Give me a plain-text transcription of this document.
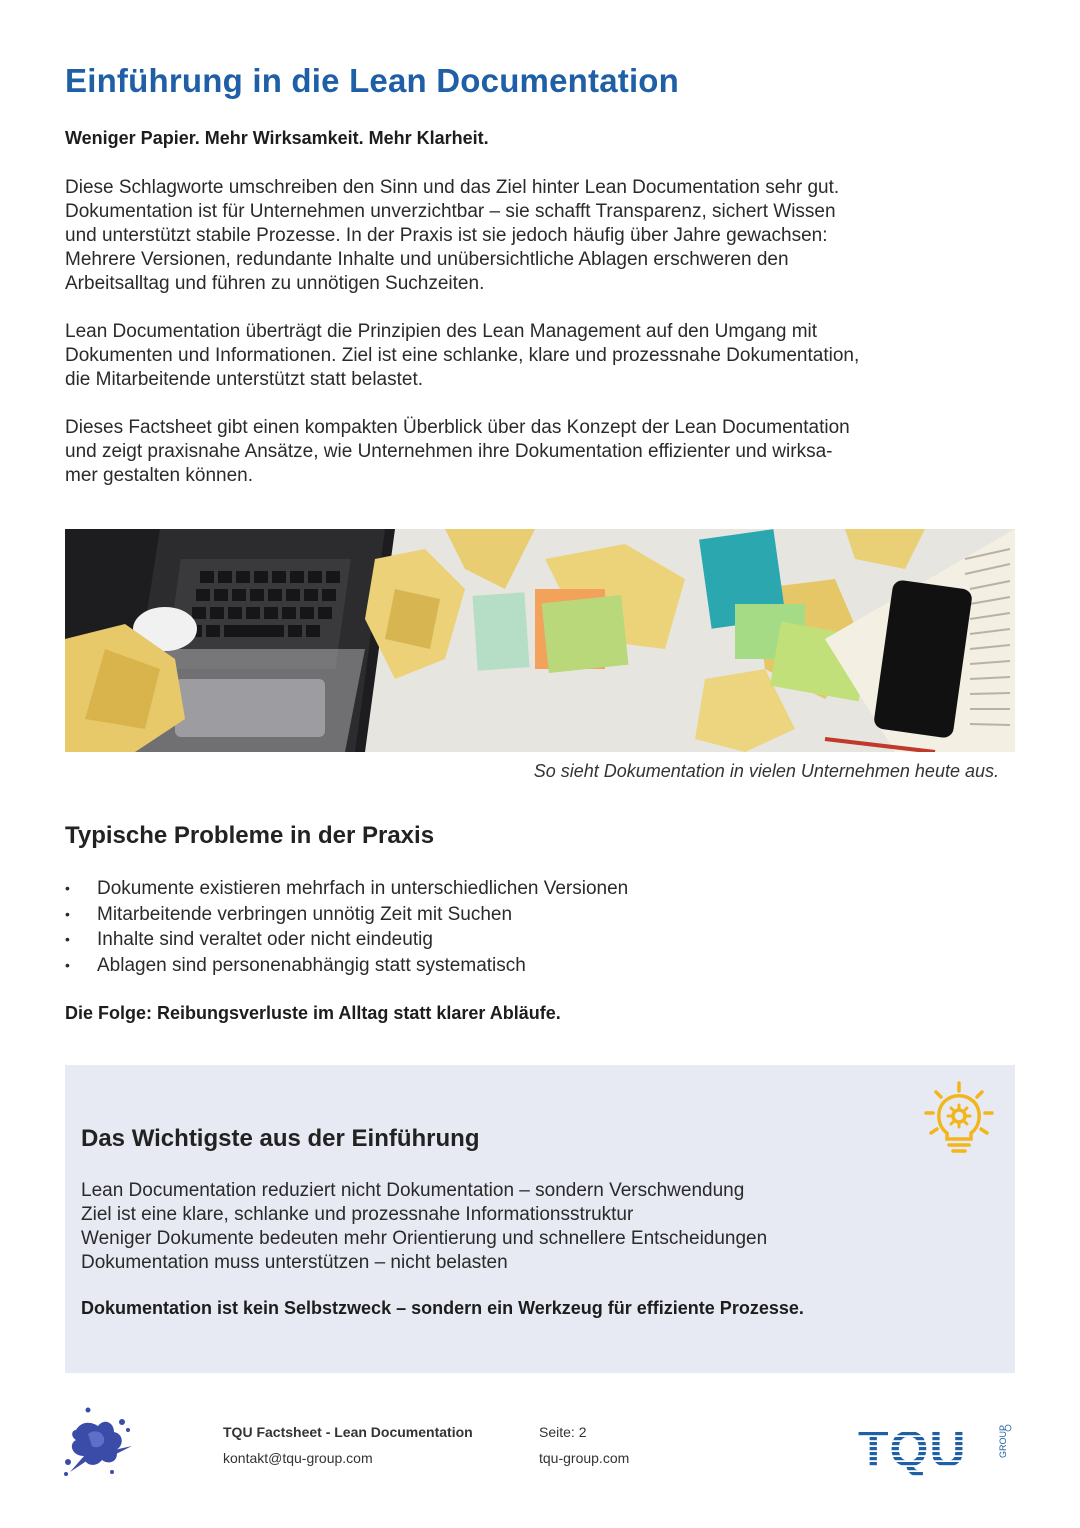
Einführung in die Lean Documentation

Weniger Papier. Mehr Wirksamkeit. Mehr Klarheit.

Diese Schlagworte umschreiben den Sinn und das Ziel hinter Lean Documentation sehr gut.
Dokumentation ist für Unternehmen unverzichtbar – sie schafft Transparenz, sichert Wissen
und unterstützt stabile Prozesse. In der Praxis ist sie jedoch häufig über Jahre gewachsen:
Mehrere Versionen, redundante Inhalte und unübersichtliche Ablagen erschweren den
Arbeitsalltag und führen zu unnötigen Suchzeiten.

Lean Documentation überträgt die Prinzipien des Lean Management auf den Umgang mit
Dokumenten und Informationen. Ziel ist eine schlanke, klare und prozessnahe Dokumentation,
die Mitarbeitende unterstützt statt belastet.

Dieses Factsheet gibt einen kompakten Überblick über das Konzept der Lean Documentation
und zeigt praxisnahe Ansätze, wie Unternehmen ihre Dokumentation effizienter und wirksa-
mer gestalten können.

So sieht Dokumentation in vielen Unternehmen heute aus.

Typische Probleme in der Praxis
• Dokumente existieren mehrfach in unterschiedlichen Versionen
• Mitarbeitende verbringen unnötig Zeit mit Suchen
• Inhalte sind veraltet oder nicht eindeutig
• Ablagen sind personenabhängig statt systematisch

Die Folge: Reibungsverluste im Alltag statt klarer Abläufe.

Das Wichtigste aus der Einführung
Lean Documentation reduziert nicht Dokumentation – sondern Verschwendung
Ziel ist eine klare, schlanke und prozessnahe Informationsstruktur
Weniger Dokumente bedeuten mehr Orientierung und schnellere Entscheidungen
Dokumentation muss unterstützen – nicht belasten

Dokumentation ist kein Selbstzweck – sondern ein Werkzeug für effiziente Prozesse.

TQU Factsheet - Lean Documentation	Seite: 2

kontakt@tqu-group.com	tqu-group.com	TQU	GROUP
